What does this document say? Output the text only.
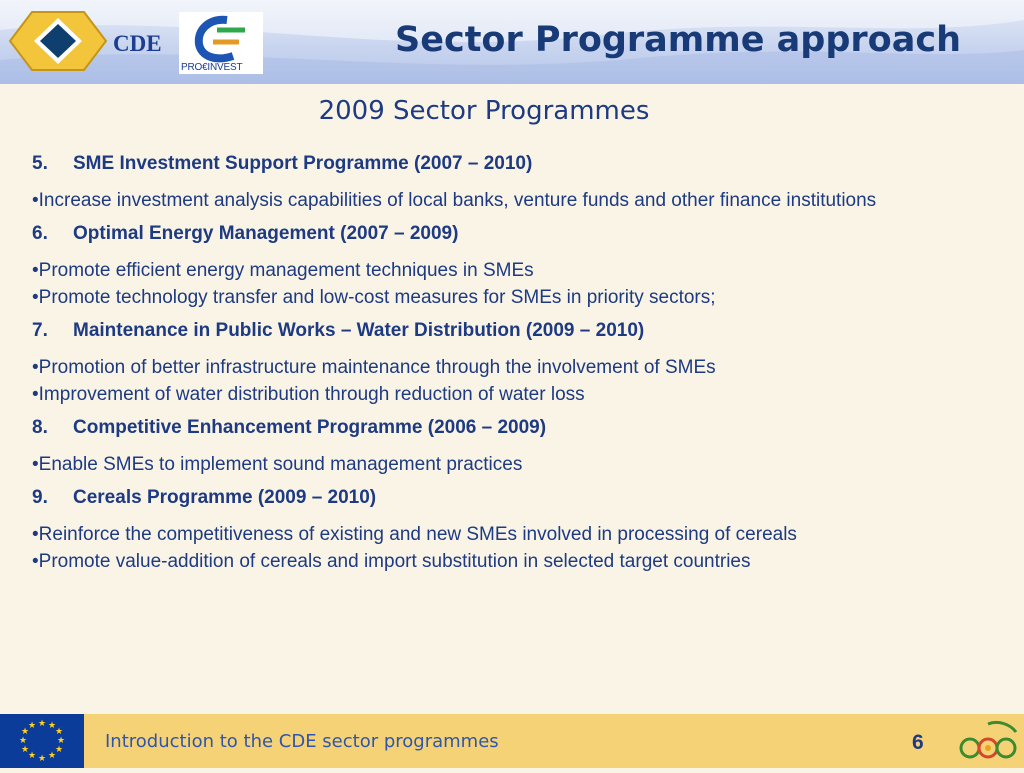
CDE
PRO€INVEST
Sector Programme approach
2009 Sector Programmes
5. SME Investment Support Programme (2007 – 2010)

•Increase investment analysis capabilities of local banks, venture funds and other finance institutions

6. Optimal Energy Management (2007 – 2009)

•Promote efficient energy management techniques in SMEs

•Promote technology transfer and low-cost measures for SMEs in priority sectors;

7. Maintenance in Public Works – Water Distribution (2009 – 2010)

•Promotion of better infrastructure maintenance through the involvement of SMEs

•Improvement of water distribution through reduction of water loss

8. Competitive Enhancement Programme (2006 – 2009)

•Enable SMEs to implement sound management practices

9. Cereals Programme (2009 – 2010)

•Reinforce the competitiveness of existing and new SMEs involved in processing of cereals

•Promote value-addition of cereals and import substitution in selected target countries

★ ★
★
★
★
★
★
★
★
★
★
★
Introduction to the CDE sector programmes	6
